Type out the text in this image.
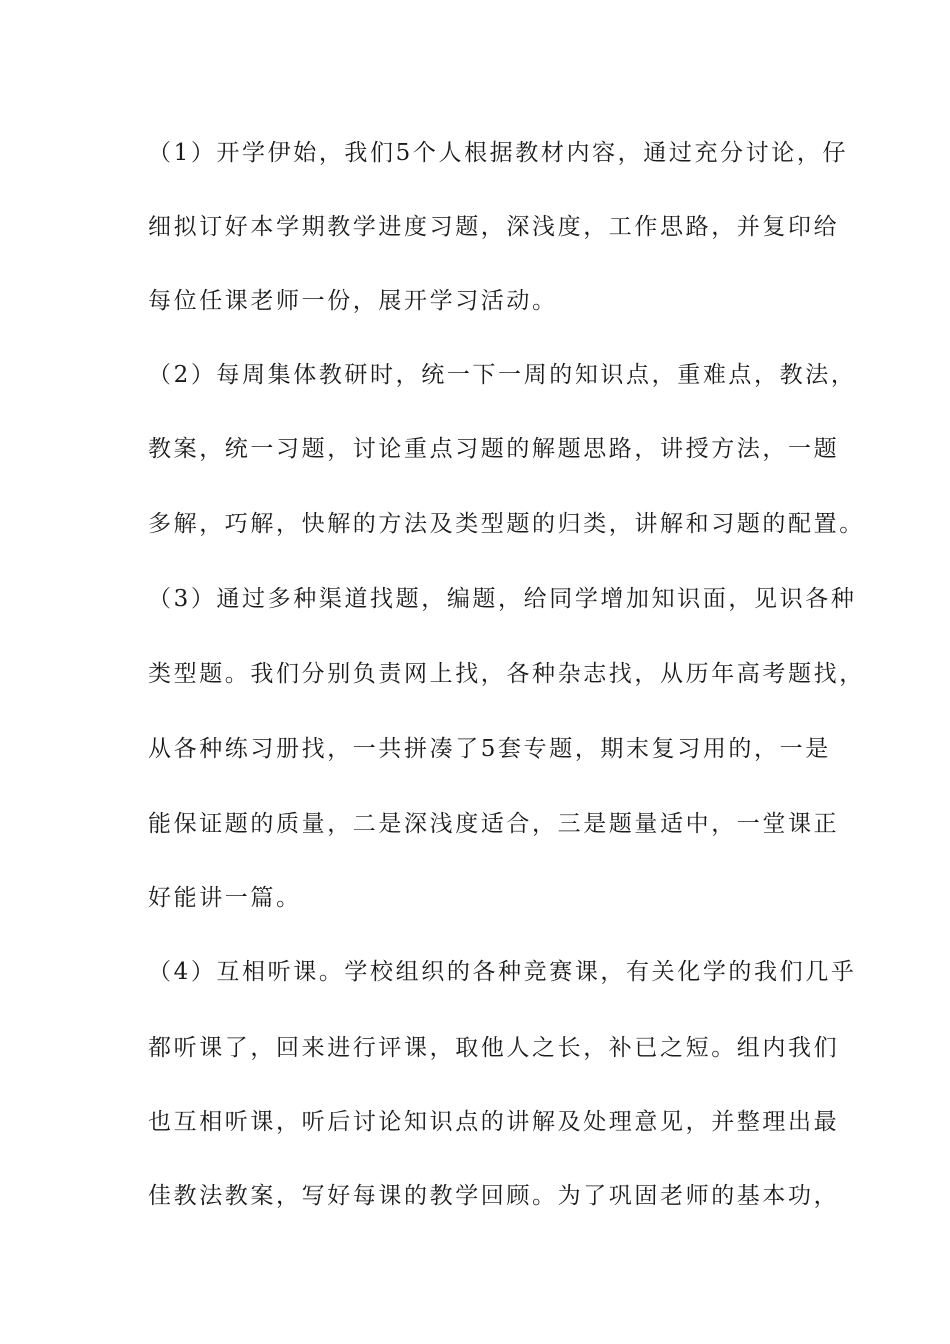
（1）开学伊始，我们5个人根据教材内容，通过充分讨论，仔
细拟订好本学期教学进度习题，深浅度，工作思路，并复印给
每位任课老师一份，展开学习活动。
（2）每周集体教研时，统一下一周的知识点，重难点，教法，
教案，统一习题，讨论重点习题的解题思路，讲授方法，一题
多解，巧解，快解的方法及类型题的归类，讲解和习题的配置。
（3）通过多种渠道找题，编题，给同学增加知识面，见识各种
类型题。我们分别负责网上找，各种杂志找，从历年高考题找，
从各种练习册找，一共拼凑了5套专题，期末复习用的，一是
能保证题的质量，二是深浅度适合，三是题量适中，一堂课正
好能讲一篇。
（4）互相听课。学校组织的各种竞赛课，有关化学的我们几乎
都听课了，回来进行评课，取他人之长，补已之短。组内我们
也互相听课，听后讨论知识点的讲解及处理意见，并整理出最
佳教法教案，写好每课的教学回顾。为了巩固老师的基本功，
